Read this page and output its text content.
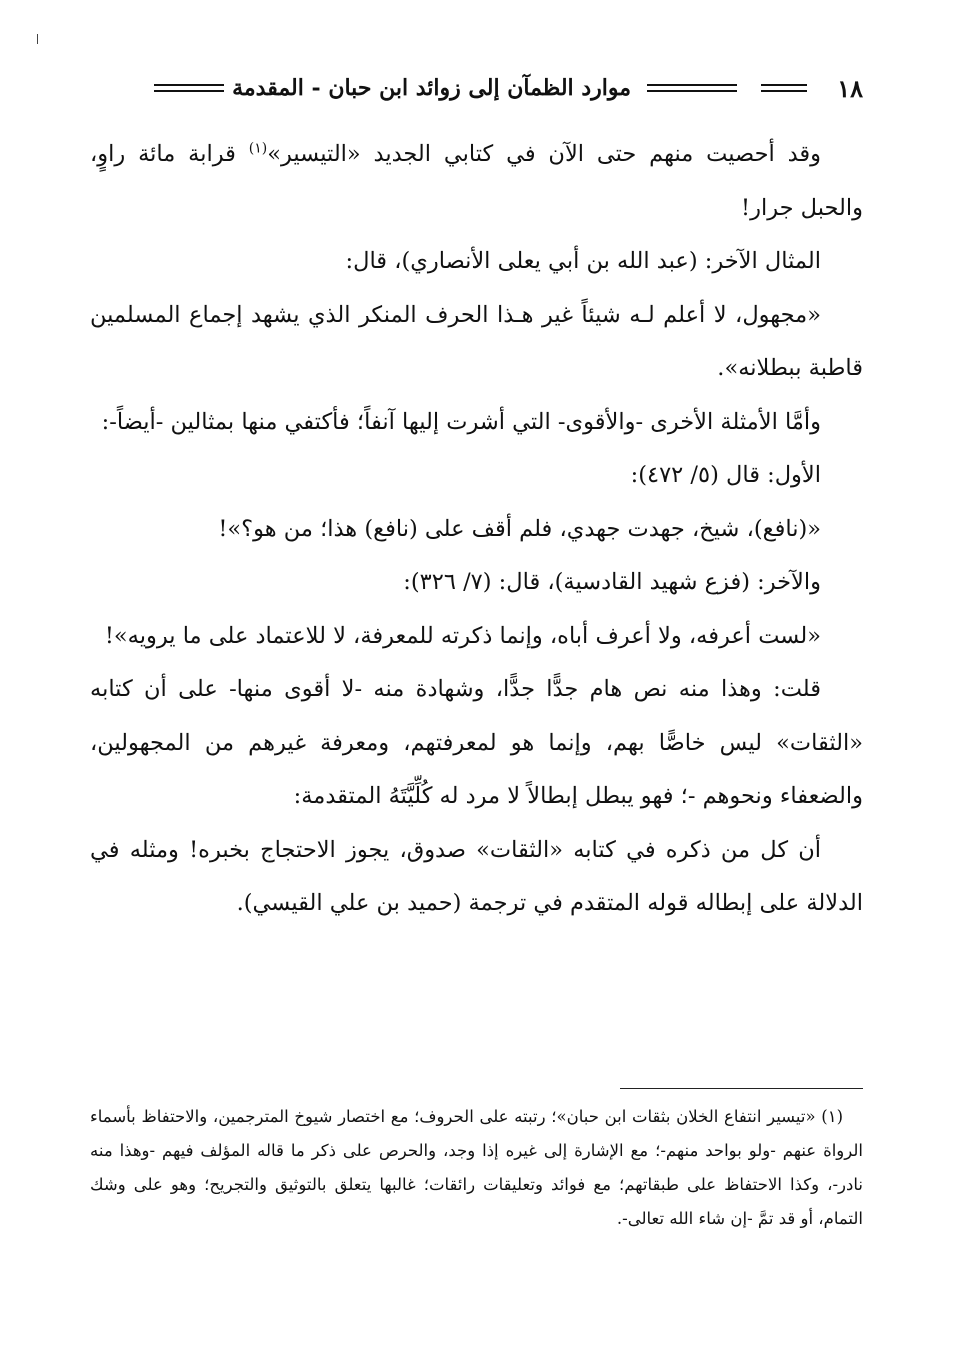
١٨
موارد الظمآن إلى زوائد ابن حبان - المقدمة

وقد أحصيت منهم حتى الآن في كتابي الجديد «التيسير»$^{(١)}$ قرابة مائة راوٍ، والحبل جرار!

المثال الآخر: (عبد الله بن أبي يعلى الأنصاري)، قال:

«مجهول، لا أعلم لـه شيئاً غير هـذا الحرف المنكر الذي يشهد إجماع المسلمين قاطبة ببطلانه».

وأمَّا الأمثلة الأخرى -والأقوى- التي أشرت إليها آنفاً؛ فأكتفي منها بمثالين -أيضاً-:

الأول: قال (٥/ ٤٧٢):

«(نافع)، شيخ، جهدت جهدي، فلم أقف على (نافع) هذا؛ من هو؟»!

والآخر: (فزع شهيد القادسية)، قال: (٧/ ٣٢٦):

«لست أعرفه، ولا أعرف أباه، وإنما ذكرته للمعرفة، لا للاعتماد على ما يرويه»!

قلت: وهذا منه نص هام جدًّا جدًّا، وشهادة منه -لا أقوى منها- على أن كتابه «الثقات» ليس خاصًّا بهم، وإنما هو لمعرفتهم، ومعرفة غيرهم من المجهولين، والضعفاء ونحوهم -؛ فهو يبطل إبطالاً لا مرد له كُلِّيَّتَهُ المتقدمة:

أن كل من ذكره في كتابه «الثقات» صدوق، يجوز الاحتجاج بخبره! ومثله في الدلالة على إبطاله قوله المتقدم في ترجمة (حميد بن علي القيسي).

(١) «تيسير انتفاع الخلان بثقات ابن حبان»؛ رتبته على الحروف؛ مع اختصار شيوخ المترجمين، والاحتفاظ بأسماء الرواة عنهم -ولو بواحد منهم-؛ مع الإشارة إلى غيره إذا وجد، والحرص على ذكر ما قاله المؤلف فيهم -وهذا منه نادر-، وكذا الاحتفاظ على طبقاتهم؛ مع فوائد وتعليقات رائقات؛ غالبها يتعلق بالتوثيق والتجريح؛ وهو على وشك التمام، أو قد تمَّ -إن شاء الله تعالى-.
